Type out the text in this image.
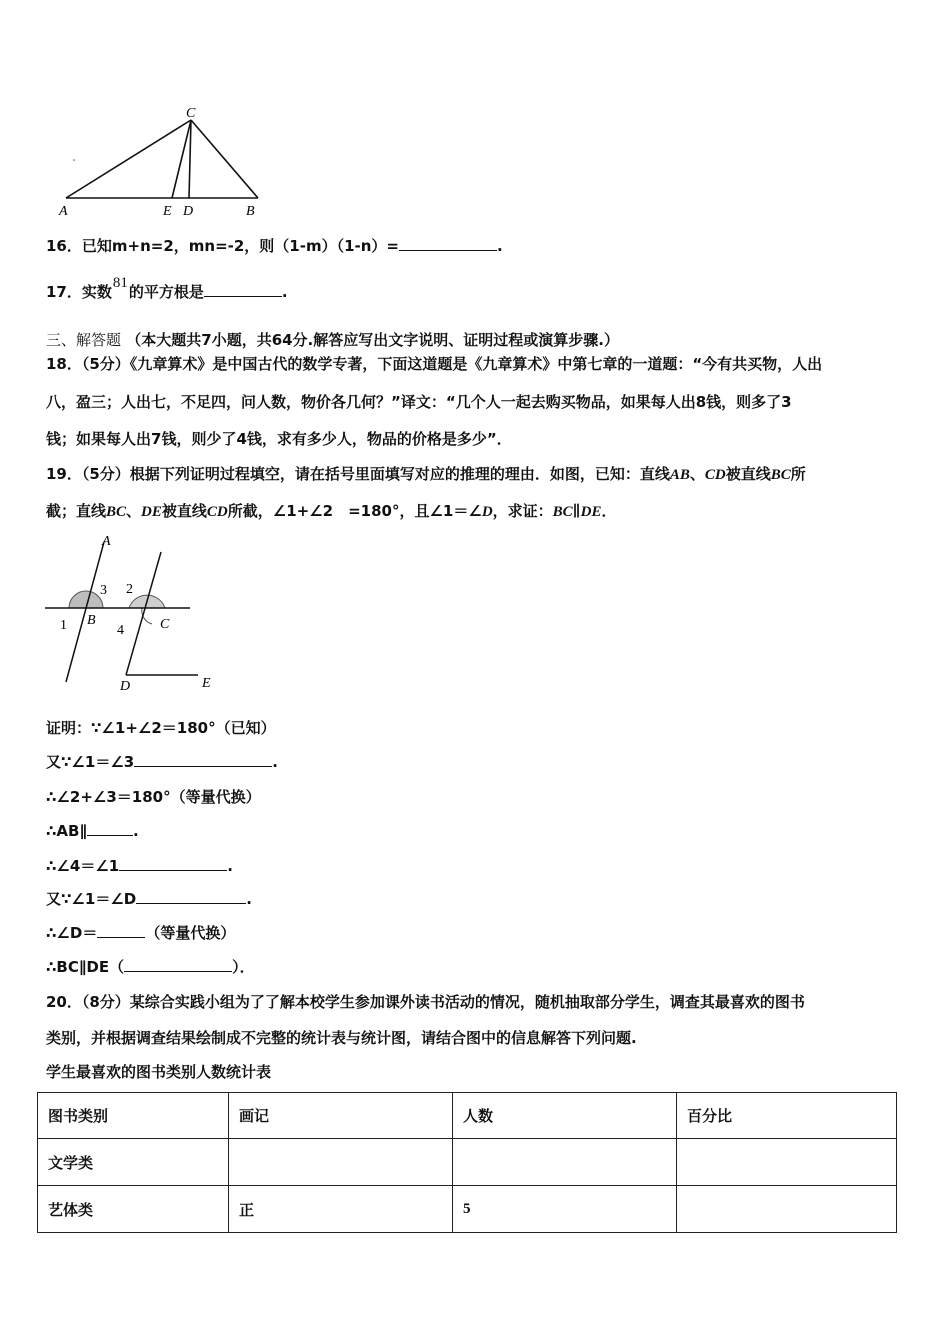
C
A	E D	B
16．已知m+n=2，mn=-2，则（1-m）（1-n）=	.
17．实数81的平方根是	.
三、解答题 （本大题共7小题，共64分.解答应写出文字说明、证明过程或演算步骤.）
18．（5分）《九章算术》是中国古代的数学专著，下面这道题是《九章算术》中第七章的一道题：“今有共买物，人出
八，盈三；人出七，不足四，问人数，物价各几何？”译文：“几个人一起去购买物品，如果每人出8钱，则多了3
钱；如果每人出7钱，则少了4钱，求有多少人，物品的价格是多少”．
19．（5分）根据下列证明过程填空，请在括号里面填写对应的推理的理由．如图，已知：直线AB、CD被直线BC所
截；直线BC、DE被直线CD所截，∠1+∠2　=180°，且∠1＝∠D，求证：BC∥DE．
A
3 2
1 B
4	C
D	E
证明：∵∠1+∠2＝180°（已知）
又∵∠1＝∠3	.
∴∠2+∠3＝180°（等量代换）
∴AB∥	.
∴∠4＝∠1	.
又∵∠1＝∠D	.
∴∠D＝	（等量代换）
∴BC∥DE（	）．
20．（8分）某综合实践小组为了了解本校学生参加课外读书活动的情况，随机抽取部分学生，调查其最喜欢的图书
类别，并根据调查结果绘制成不完整的统计表与统计图，请结合图中的信息解答下列问题.
学生最喜欢的图书类别人数统计表
图书类别	画记	人数	百分比
文学类			
艺体类	正	5	
